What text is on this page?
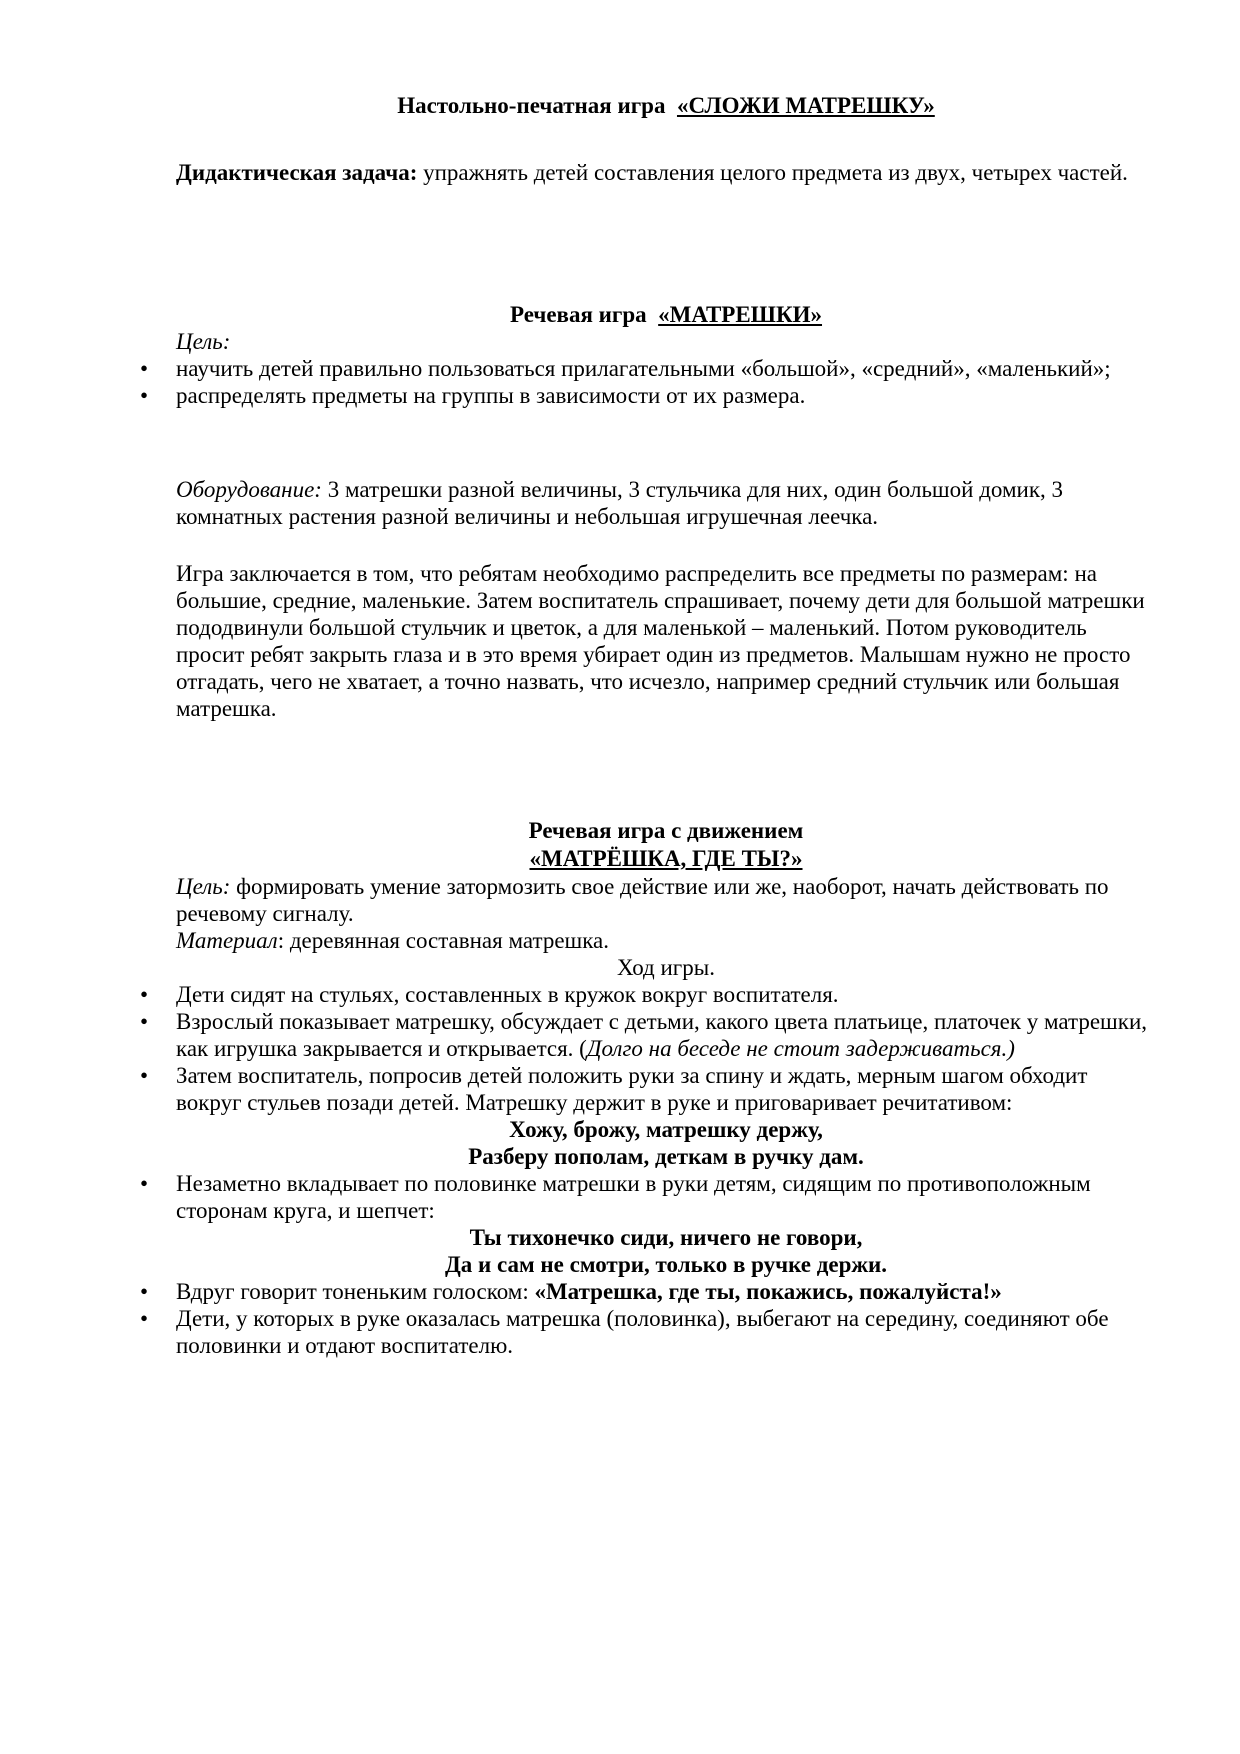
Настольно-печатная игра «СЛОЖИ МАТРЕШКУ»
Дидактическая задача: упражнять детей составления целого предмета из двух, четырех частей.
Речевая игра «МАТРЕШКИ»

Цель:

• научить детей правильно пользоваться прилагательными «большой», «средний», «маленький»;
• распределять предметы на группы в зависимости от их размера.
Оборудование: 3 матрешки разной величины, 3 стульчика для них, один большой домик, 3 комнатных растения разной величины и небольшая игрушечная леечка.
Игра заключается в том, что ребятам необходимо распределить все предметы по размерам: на большие, средние, маленькие. Затем воспитатель спрашивает, почему дети для большой матрешки пододвинули большой стульчик и цветок, а для маленькой – маленький. Потом руководитель просит ребят закрыть глаза и в это время убирает один из предметов. Малышам нужно не просто отгадать, чего не хватает, а точно назвать, что исчезло, например средний стульчик или большая матрешка.
Речевая игра с движением
«МАТРЁШКА, ГДЕ ТЫ?»

Цель: формировать умение затормозить свое действие или же, наоборот, начать действовать по речевому сигналу.

Материал: деревянная составная матрешка.

Ход игры.

• Дети сидят на стульях, составленных в кружок вокруг воспитателя.
• Взрослый показывает матрешку, обсуждает с детьми, какого цвета платьице, платочек у матрешки, как игрушка закрывается и открывается. (Долго на беседе не стоит задерживаться.)
• Затем воспитатель, попросив детей положить руки за спину и ждать, мерным шагом обходит вокруг стульев позади детей. Матрешку держит в руке и приговаривает речитативом:

Хожу, брожу, матрешку держу,

Разберу пополам, деткам в ручку дам.

• Незаметно вкладывает по половинке матрешки в руки детям, сидящим по противоположным сторонам круга, и шепчет:

Ты тихонечко сиди, ничего не говори,

Да и сам не смотри, только в ручке держи.

• Вдруг говорит тоненьким голоском: «Матрешка, где ты, покажись, пожалуйста!»
• Дети, у которых в руке оказалась матрешка (половинка), выбегают на середину, соединяют обе половинки и отдают воспитателю.
